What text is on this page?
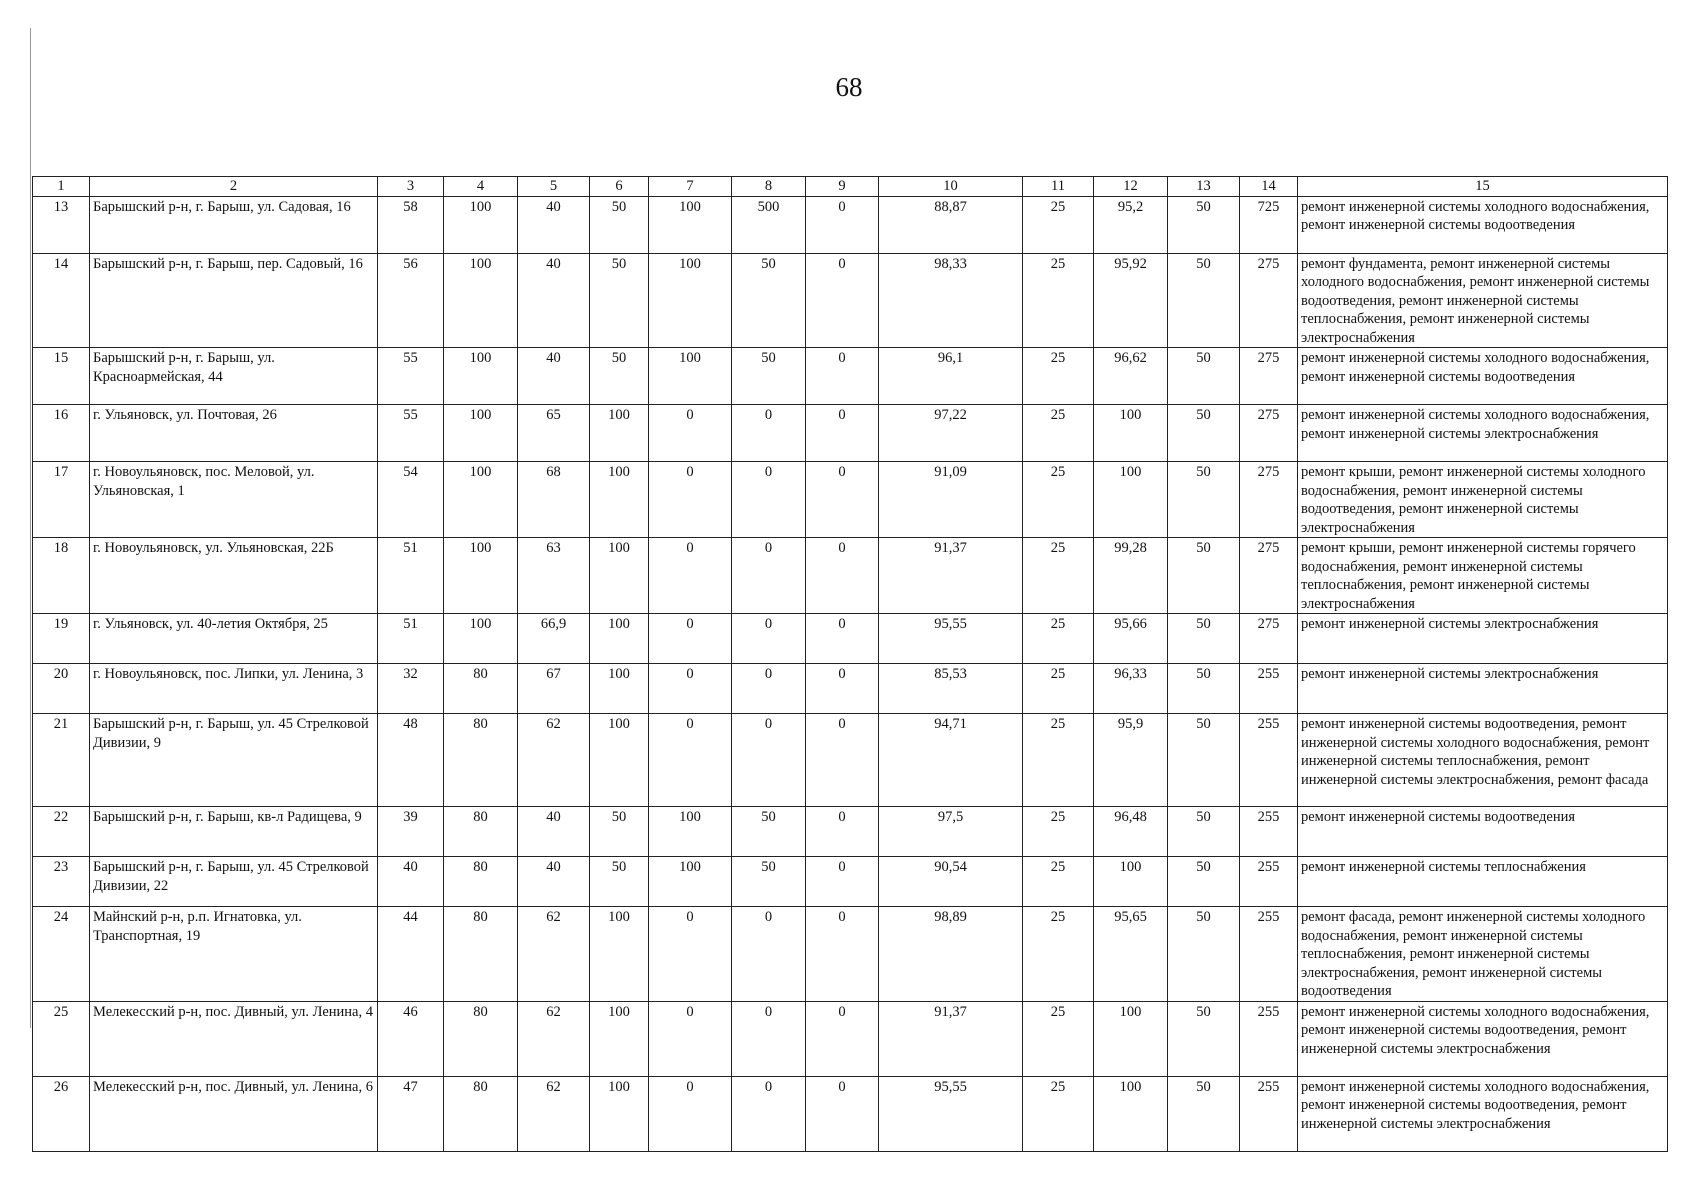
68
1	2	3	4	5	6	7	8	9	10	11	12	13	14	15
13	Барышский р-н, г. Барыш, ул. Садовая, 16	58	100	40	50	100	500	0	88,87	25	95,2	50	725	ремонт инженерной системы холодного водоснабжения, ремонт инженерной системы водоотведения
14	Барышский р-н, г. Барыш, пер. Садовый, 16	56	100	40	50	100	50	0	98,33	25	95,92	50	275	ремонт фундамента, ремонт инженерной системы холодного водоснабжения, ремонт инженерной системы водоотведения, ремонт инженерной системы теплоснабжения, ремонт инженерной системы электроснабжения
15	Барышский р-н, г. Барыш, ул. Красноармейская, 44	55	100	40	50	100	50	0	96,1	25	96,62	50	275	ремонт инженерной системы холодного водоснабжения, ремонт инженерной системы водоотведения
16	г. Ульяновск, ул. Почтовая, 26	55	100	65	100	0	0	0	97,22	25	100	50	275	ремонт инженерной системы холодного водоснабжения, ремонт инженерной системы электроснабжения
17	г. Новоульяновск, пос. Меловой, ул. Ульяновская, 1	54	100	68	100	0	0	0	91,09	25	100	50	275	ремонт крыши, ремонт инженерной системы холодного водоснабжения, ремонт инженерной системы водоотведения, ремонт инженерной системы электроснабжения
18	г. Новоульяновск, ул. Ульяновская, 22Б	51	100	63	100	0	0	0	91,37	25	99,28	50	275	ремонт крыши, ремонт инженерной системы горячего водоснабжения, ремонт инженерной системы теплоснабжения, ремонт инженерной системы электроснабжения
19	г. Ульяновск, ул. 40-летия Октября, 25	51	100	66,9	100	0	0	0	95,55	25	95,66	50	275	ремонт инженерной системы электроснабжения
20	г. Новоульяновск, пос. Липки, ул. Ленина, 3	32	80	67	100	0	0	0	85,53	25	96,33	50	255	ремонт инженерной системы электроснабжения
21	Барышский р-н, г. Барыш, ул. 45 Стрелковой Дивизии, 9	48	80	62	100	0	0	0	94,71	25	95,9	50	255	ремонт инженерной системы водоотведения, ремонт инженерной системы холодного водоснабжения, ремонт инженерной системы теплоснабжения, ремонт инженерной системы электроснабжения, ремонт фасада
22	Барышский р-н, г. Барыш, кв-л Радищева, 9	39	80	40	50	100	50	0	97,5	25	96,48	50	255	ремонт инженерной системы водоотведения
23	Барышский р-н, г. Барыш, ул. 45 Стрелковой Дивизии, 22	40	80	40	50	100	50	0	90,54	25	100	50	255	ремонт инженерной системы теплоснабжения
24	Майнский р-н, р.п. Игнатовка, ул. Транспортная, 19	44	80	62	100	0	0	0	98,89	25	95,65	50	255	ремонт фасада, ремонт инженерной системы холодного водоснабжения, ремонт инженерной системы теплоснабжения, ремонт инженерной системы электроснабжения, ремонт инженерной системы водоотведения
25	Мелекесский р-н, пос. Дивный, ул. Ленина, 4	46	80	62	100	0	0	0	91,37	25	100	50	255	ремонт инженерной системы холодного водоснабжения, ремонт инженерной системы водоотведения, ремонт инженерной системы электроснабжения
26	Мелекесский р-н, пос. Дивный, ул. Ленина, 6	47	80	62	100	0	0	0	95,55	25	100	50	255	ремонт инженерной системы холодного водоснабжения, ремонт инженерной системы водоотведения, ремонт инженерной системы электроснабжения
